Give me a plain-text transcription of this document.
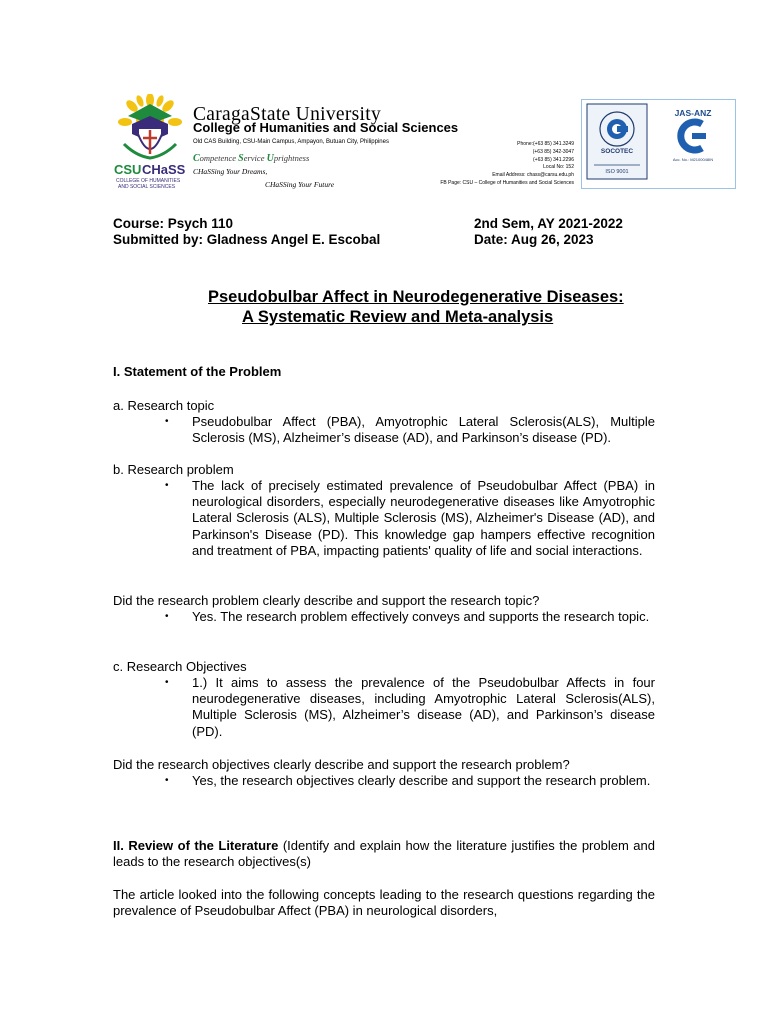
CSU CHaSS
COLLEGE OF HUMANITIES
AND SOCIAL SCIENCES
CaragaState University
College of Humanities and Social Sciences
Old CAS Building, CSU-Main Campus, Ampayon, Butuan City, Philippines
Competence Service Uprightness
CHaSSing Your Dreams,
CHaSSing Your Future
Phone:(+63 85) 341.3249
(+63 85) 342-3047
(+63 85) 341.2296
Local No: 152
Email Address: chass@carsu.edu.ph
FB Page: CSU – College of Humanities and Social Sciences
SOCOTEC
ISO 9001
JAS-ANZ
Acc. No.: M2100048IN
Course: Psych 110
Submitted by: Gladness Angel E. Escobal
2nd Sem, AY 2021-2022
Date: Aug 26, 2023
Pseudobulbar Affect in Neurodegenerative Diseases:
A Systematic Review and Meta-analysis
I. Statement of the Problem
a. Research topic
• Pseudobulbar Affect (PBA), Amyotrophic Lateral Sclerosis(ALS), Multiple Sclerosis (MS), Alzheimer’s disease (AD), and Parkinson’s disease (PD).
b. Research problem
• The lack of precisely estimated prevalence of Pseudobulbar Affect (PBA) in neurological disorders, especially neurodegenerative diseases like Amyotrophic Lateral Sclerosis (ALS), Multiple Sclerosis (MS), Alzheimer's Disease (AD), and Parkinson's Disease (PD). This knowledge gap hampers effective recognition and treatment of PBA, impacting patients' quality of life and social interactions.
Did the research problem clearly describe and support the research topic?
• Yes. The research problem effectively conveys and supports the research topic.
c. Research Objectives
• 1.) It aims to assess the prevalence of the Pseudobulbar Affects in four neurodegenerative diseases, including Amyotrophic Lateral Sclerosis(ALS), Multiple Sclerosis (MS), Alzheimer’s disease (AD), and Parkinson’s disease (PD).
Did the research objectives clearly describe and support the research problem?
• Yes, the research objectives clearly describe and support the research problem.
II. Review of the Literature (Identify and explain how the literature justifies the problem and leads to the research objectives(s)
The article looked into the following concepts leading to the research questions regarding the prevalence of Pseudobulbar Affect (PBA) in neurological disorders,
